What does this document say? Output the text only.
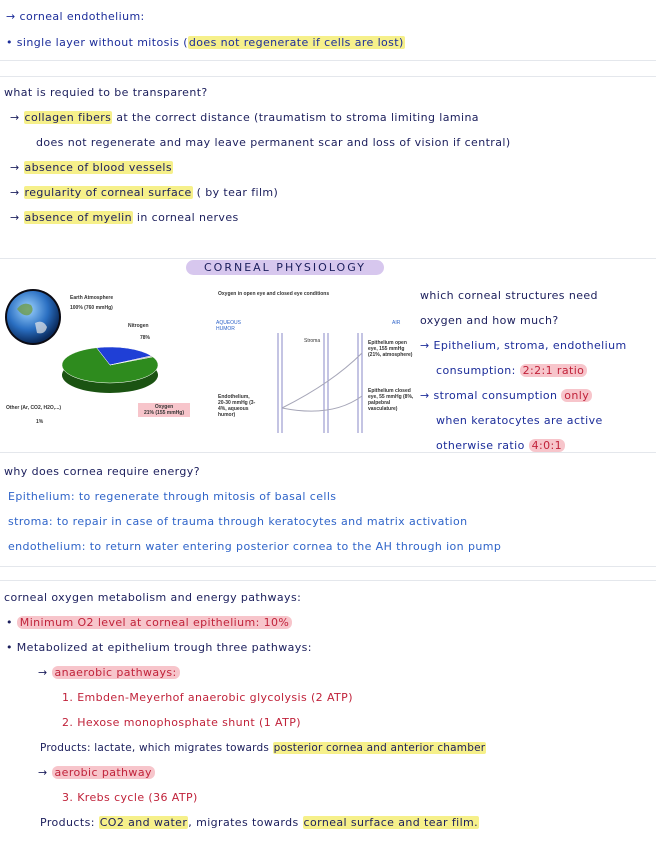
→ corneal endothelium:
• single layer without mitosis (does not regenerate if cells are lost)
what is requied to be transparent?
→ collagen fibers at the correct distance (traumatism to stroma limiting lamina
does not regenerate and may leave permanent scar and loss of vision if central)
→ absence of blood vessels
→ regularity of corneal surface ( by tear film)
→ absence of myelin in corneal nerves
CORNEAL PHYSIOLOGY
Earth Atmosphere
100% (760 mmHg)
Nitrogen
78%
Other (Ar, CO2, H2O,...)
1%
Oxygen
21% (155 mmHg)
Oxygen in open eye and closed eye conditions
AQUEOUS HUMOR
Stroma
AIR
Epithelium open eye, 155 mmHg (21%, atmosphere)
Epithelium closed eye, 55 mmHg (8%, palpebral vasculature)
Endothelium, 20-30 mmHg (3-4%, aqueous humor)
which corneal structures need
oxygen and how much?
→ Epithelium, stroma, endothelium
consumption: 2:2:1 ratio
→ stromal consumption only
when keratocytes are active
otherwise ratio 4:0:1
why does cornea require energy?
Epithelium: to regenerate through mitosis of basal cells
stroma: to repair in case of trauma through keratocytes and matrix activation
endothelium: to return water entering posterior cornea to the AH through ion pump
corneal oxygen metabolism and energy pathways:
• Minimum O2 level at corneal epithelium: 10%
• Metabolized at epithelium trough three pathways:
→ anaerobic pathways:
1. Embden-Meyerhof anaerobic glycolysis (2 ATP)
2. Hexose monophosphate shunt (1 ATP)
Products: lactate, which migrates towards posterior cornea and anterior chamber
→ aerobic pathway
3. Krebs cycle (36 ATP)
Products: CO2 and water, migrates towards corneal surface and tear film.
